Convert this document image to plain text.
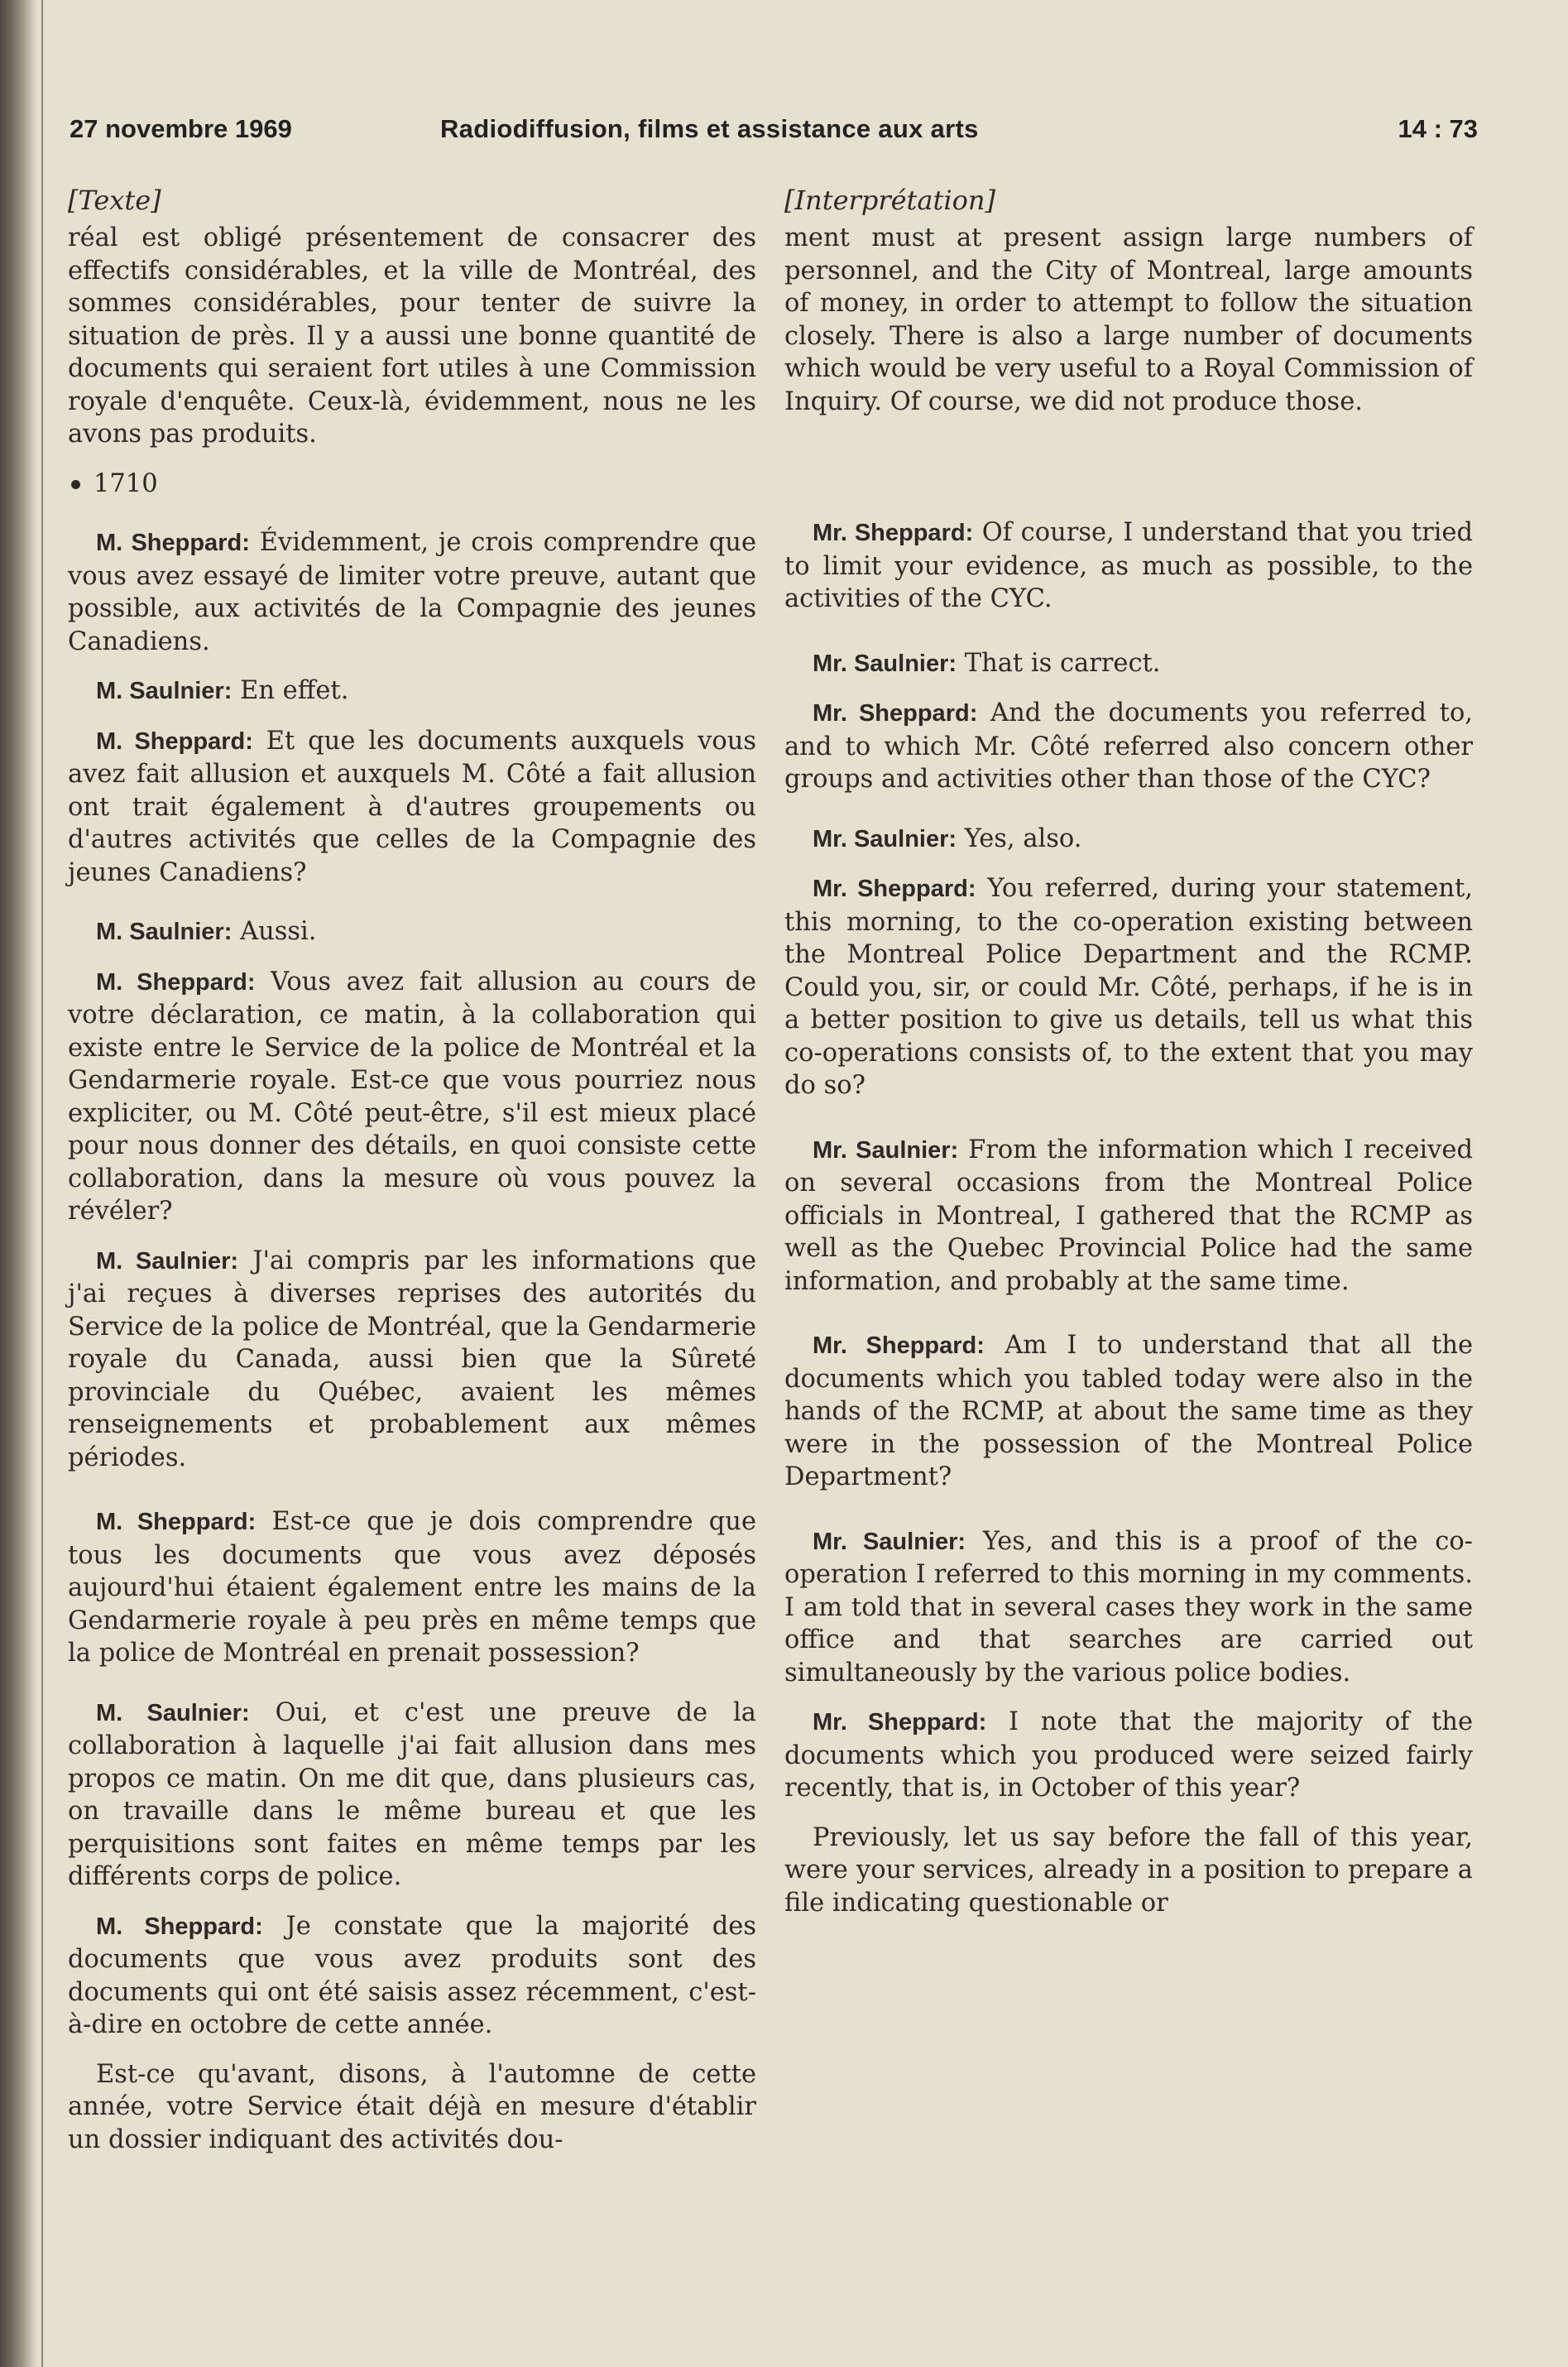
27 novembre 1969	Radiodiffusion, films et assistance aux arts	14 : 73
[Texte]

réal est obligé présentement de consacrer des effectifs considérables, et la ville de Montréal, des sommes considérables, pour tenter de suivre la situation de près. Il y a aussi une bonne quantité de documents qui seraient fort utiles à une Commission royale d'enquête. Ceux-là, évidemment, nous ne les avons pas produits.

1710

M. Sheppard: Évidemment, je crois comprendre que vous avez essayé de limiter votre preuve, autant que possible, aux activités de la Compagnie des jeunes Canadiens.

M. Saulnier: En effet.

M. Sheppard: Et que les documents auxquels vous avez fait allusion et auxquels M. Côté a fait allusion ont trait également à d'autres groupements ou d'autres activités que celles de la Compagnie des jeunes Canadiens?

M. Saulnier: Aussi.

M. Sheppard: Vous avez fait allusion au cours de votre déclaration, ce matin, à la collaboration qui existe entre le Service de la police de Montréal et la Gendarmerie royale. Est-ce que vous pourriez nous expliciter, ou M. Côté peut-être, s'il est mieux placé pour nous donner des détails, en quoi consiste cette collaboration, dans la mesure où vous pouvez la révéler?

M. Saulnier: J'ai compris par les informations que j'ai reçues à diverses reprises des autorités du Service de la police de Montréal, que la Gendarmerie royale du Canada, aussi bien que la Sûreté provinciale du Québec, avaient les mêmes renseignements et probablement aux mêmes périodes.

M. Sheppard: Est-ce que je dois comprendre que tous les documents que vous avez déposés aujourd'hui étaient également entre les mains de la Gendarmerie royale à peu près en même temps que la police de Montréal en prenait possession?

M. Saulnier: Oui, et c'est une preuve de la collaboration à laquelle j'ai fait allusion dans mes propos ce matin. On me dit que, dans plusieurs cas, on travaille dans le même bureau et que les perquisitions sont faites en même temps par les différents corps de police.

M. Sheppard: Je constate que la majorité des documents que vous avez produits sont des documents qui ont été saisis assez récemment, c'est-à-dire en octobre de cette année.

Est-ce qu'avant, disons, à l'automne de cette année, votre Service était déjà en mesure d'établir un dossier indiquant des activités dou-

[Interprétation]

ment must at present assign large numbers of personnel, and the City of Montreal, large amounts of money, in order to attempt to follow the situation closely. There is also a large number of documents which would be very useful to a Royal Commission of Inquiry. Of course, we did not produce those.

Mr. Sheppard: Of course, I understand that you tried to limit your evidence, as much as possible, to the activities of the CYC.

Mr. Saulnier: That is carrect.

Mr. Sheppard: And the documents you referred to, and to which Mr. Côté referred also concern other groups and activities other than those of the CYC?

Mr. Saulnier: Yes, also.

Mr. Sheppard: You referred, during your statement, this morning, to the co-operation existing between the Montreal Police Department and the RCMP. Could you, sir, or could Mr. Côté, perhaps, if he is in a better position to give us details, tell us what this co-operations consists of, to the extent that you may do so?

Mr. Saulnier: From the information which I received on several occasions from the Montreal Police officials in Montreal, I gathered that the RCMP as well as the Quebec Provincial Police had the same information, and probably at the same time.

Mr. Sheppard: Am I to understand that all the documents which you tabled today were also in the hands of the RCMP, at about the same time as they were in the possession of the Montreal Police Department?

Mr. Saulnier: Yes, and this is a proof of the co-operation I referred to this morning in my comments. I am told that in several cases they work in the same office and that searches are carried out simultaneously by the various police bodies.

Mr. Sheppard: I note that the majority of the documents which you produced were seized fairly recently, that is, in October of this year?

Previously, let us say before the fall of this year, were your services, already in a position to prepare a file indicating questionable or
